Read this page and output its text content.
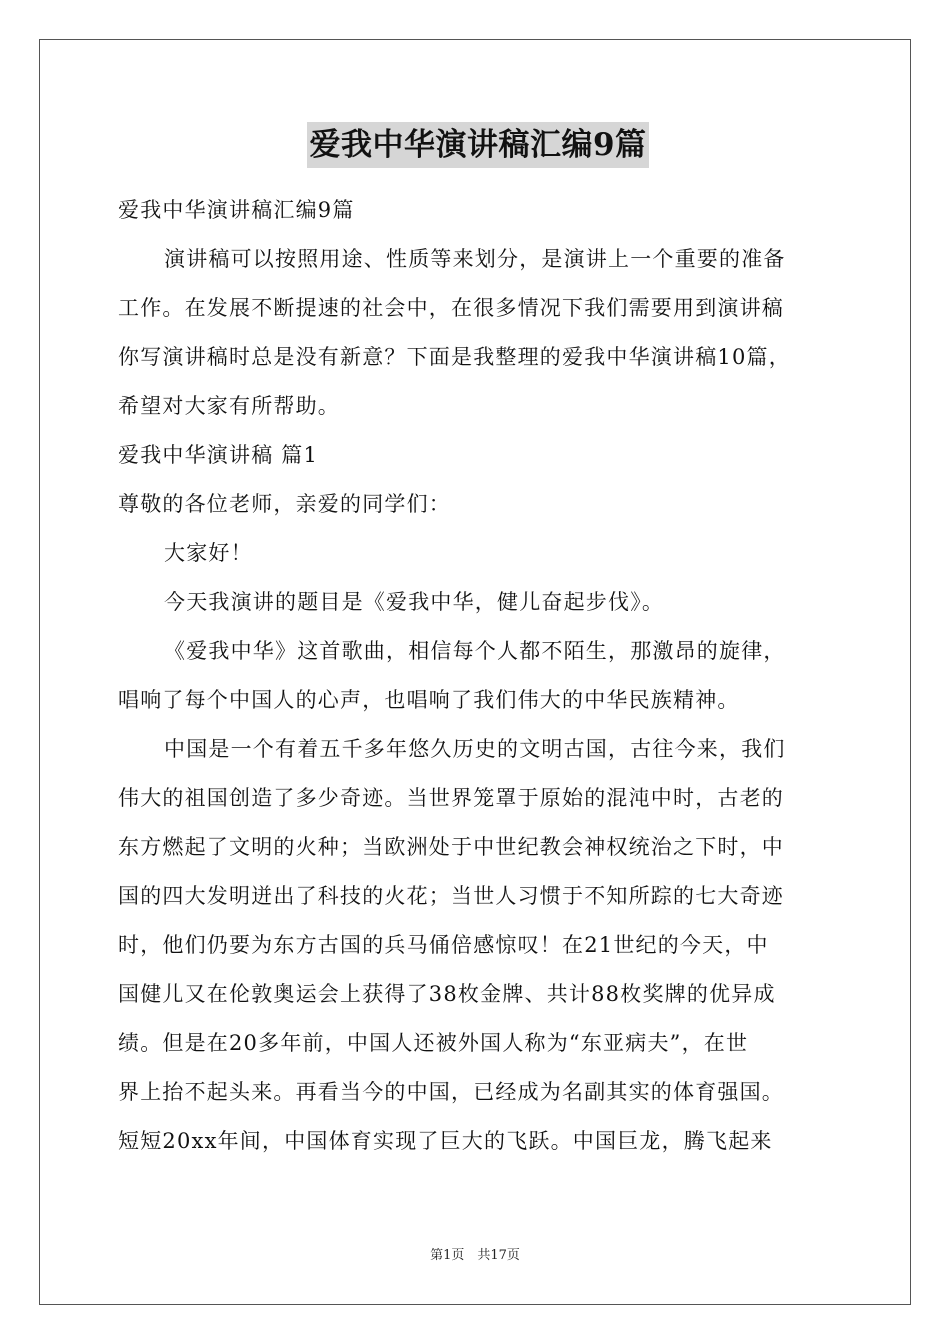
爱我中华演讲稿汇编9篇

爱我中华演讲稿汇编9篇

演讲稿可以按照用途、性质等来划分，是演讲上一个重要的准备

工作。在发展不断提速的社会中，在很多情况下我们需要用到演讲稿

你写演讲稿时总是没有新意？下面是我整理的爱我中华演讲稿10篇，

希望对大家有所帮助。

爱我中华演讲稿 篇1

尊敬的各位老师，亲爱的同学们：

大家好！

今天我演讲的题目是《爱我中华，健儿奋起步伐》。

《爱我中华》这首歌曲，相信每个人都不陌生，那激昂的旋律，

唱响了每个中国人的心声，也唱响了我们伟大的中华民族精神。

中国是一个有着五千多年悠久历史的文明古国，古往今来，我们

伟大的祖国创造了多少奇迹。当世界笼罩于原始的混沌中时，古老的

东方燃起了文明的火种；当欧洲处于中世纪教会神权统治之下时，中

国的四大发明迸出了科技的火花；当世人习惯于不知所踪的七大奇迹

时，他们仍要为东方古国的兵马俑倍感惊叹！在21世纪的今天，中

国健儿又在伦敦奥运会上获得了38枚金牌、共计88枚奖牌的优异成

绩。但是在20多年前，中国人还被外国人称为“东亚病夫”，在世

界上抬不起头来。再看当今的中国，已经成为名副其实的体育强国。

短短20xx年间，中国体育实现了巨大的飞跃。中国巨龙，腾飞起来

第1页　共17页
